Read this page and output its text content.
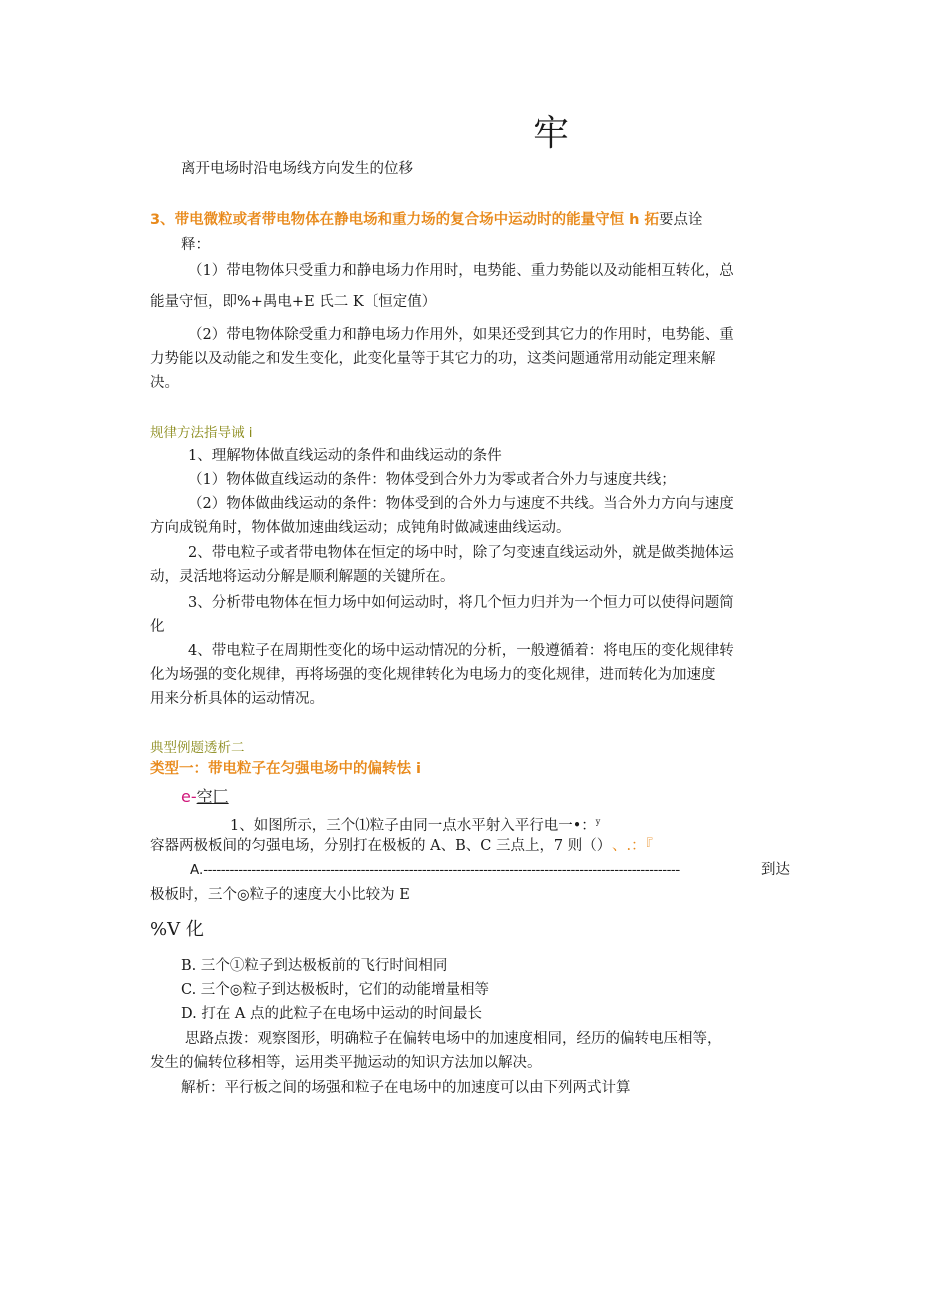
牢
离开电场时沿电场线方向发生的位移
3、带电微粒或者带电物体在静电场和重力场的复合场中运动时的能量守恒 h 拓要点诠
释：
（1）带电物体只受重力和静电场力作用时，电势能、重力势能以及动能相互转化，总
能量守恒，即%+禺电+E 氏二 K〔恒定值）
（2）带电物体除受重力和静电场力作用外，如果还受到其它力的作用时，电势能、重
力势能以及动能之和发生变化，此变化量等于其它力的功，这类问题通常用动能定理来解
决。
规律方法指导诫 i
1、理解物体做直线运动的条件和曲线运动的条件
（1）物体做直线运动的条件：物体受到合外力为零或者合外力与速度共线；
（2）物体做曲线运动的条件：物体受到的合外力与速度不共线。当合外力方向与速度
方向成锐角时，物体做加速曲线运动；成钝角时做减速曲线运动。
2、带电粒子或者带电物体在恒定的场中时，除了匀变速直线运动外，就是做类抛体运
动，灵活地将运动分解是顺利解题的关键所在。
3、分析带电物体在恒力场中如何运动时，将几个恒力归并为一个恒力可以使得问题简
化
4、带电粒子在周期性变化的场中运动情况的分析，一般遵循着：将电压的变化规律转
化为场强的变化规律，再将场强的变化规律转化为电场力的变化规律，进而转化为加速度
用来分析具体的运动情况。
典型例题透析二
类型一：带电粒子在匀强电场中的偏转怯 i
e-空匚
1、如图所示，三个⑴粒子由同一点水平射入平行电一•：$^y$
容器两极板间的匀强电场，分别打在极板的 A、B、C 三点上，7 则（） 、.：『
A.-------------------------------------------------------------------------------------------------------------	到达
极板时，三个◎粒子的速度大小比较为 E
%V 化
B. 三个①粒子到达极板前的飞行时间相同
C. 三个◎粒子到达极板时，它们的动能增量相等
D. 打在 A 点的此粒子在电场中运动的时间最长
思路点拨：观察图形，明确粒子在偏转电场中的加速度相同，经历的偏转电压相等，
发生的偏转位移相等，运用类平抛运动的知识方法加以解决。
解析：平行板之间的场强和粒子在电场中的加速度可以由下列两式计算
